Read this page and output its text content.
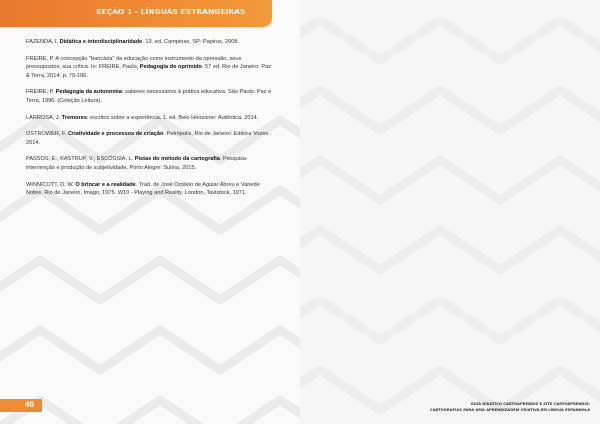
SEÇÃO 1 - LÍNGUAS ESTRANGEIRAS

FAZENDA, I. Didática e interdisciplinaridade. 13. ed. Campinas, SP: Papirus, 2008.

FREIRE, P. A concepção "bancária" da educação como instrumento da opressão, seus pressupostos, sua crítica. In: FREIRE, Paulo. Pedagogia do oprimido. 57 ed. Rio de Janeiro: Paz & Terra, 2014. p. 79-106.

FREIRE, P. Pedagogia da autonomia: saberes necessários à prática educativa. São Paulo: Paz e Terra, 1996. (Coleção Leitura).

LARROSA, J. Tremores: escritos sobre a experiência. 1. ed. Belo Horizonte: Autêntica, 2014.

OSTROWER, F. Criatividade e processos de criação. Petrópolis, Rio de Janeiro: Editora Vozes. 2014.

PASSOS, E.; KASTRUP, V.; ESCÓSSIA, L. Pistas do método da cartografia: Pesquisa-intervenção e produção de subjetividade. Porto Alegre: Sulina, 2015.

WINNICOTT, D. W. O brincar e a realidade. Trad. de José Octávio de Aguiar Abreu e Vanede Nobre. Rio de Janeiro, Imago, 1975. W10 - Playing and Reality. London, Tavistock, 1971.

46	GUIA DIDÁTICO CARTOAPRENDIZ E SITE CARTOAPRENDIZ:
CARTOGRAFIAS PARA UMA APRENDIZAGEM CRIATIVA EM LÍNGUA ESPANHOLA
